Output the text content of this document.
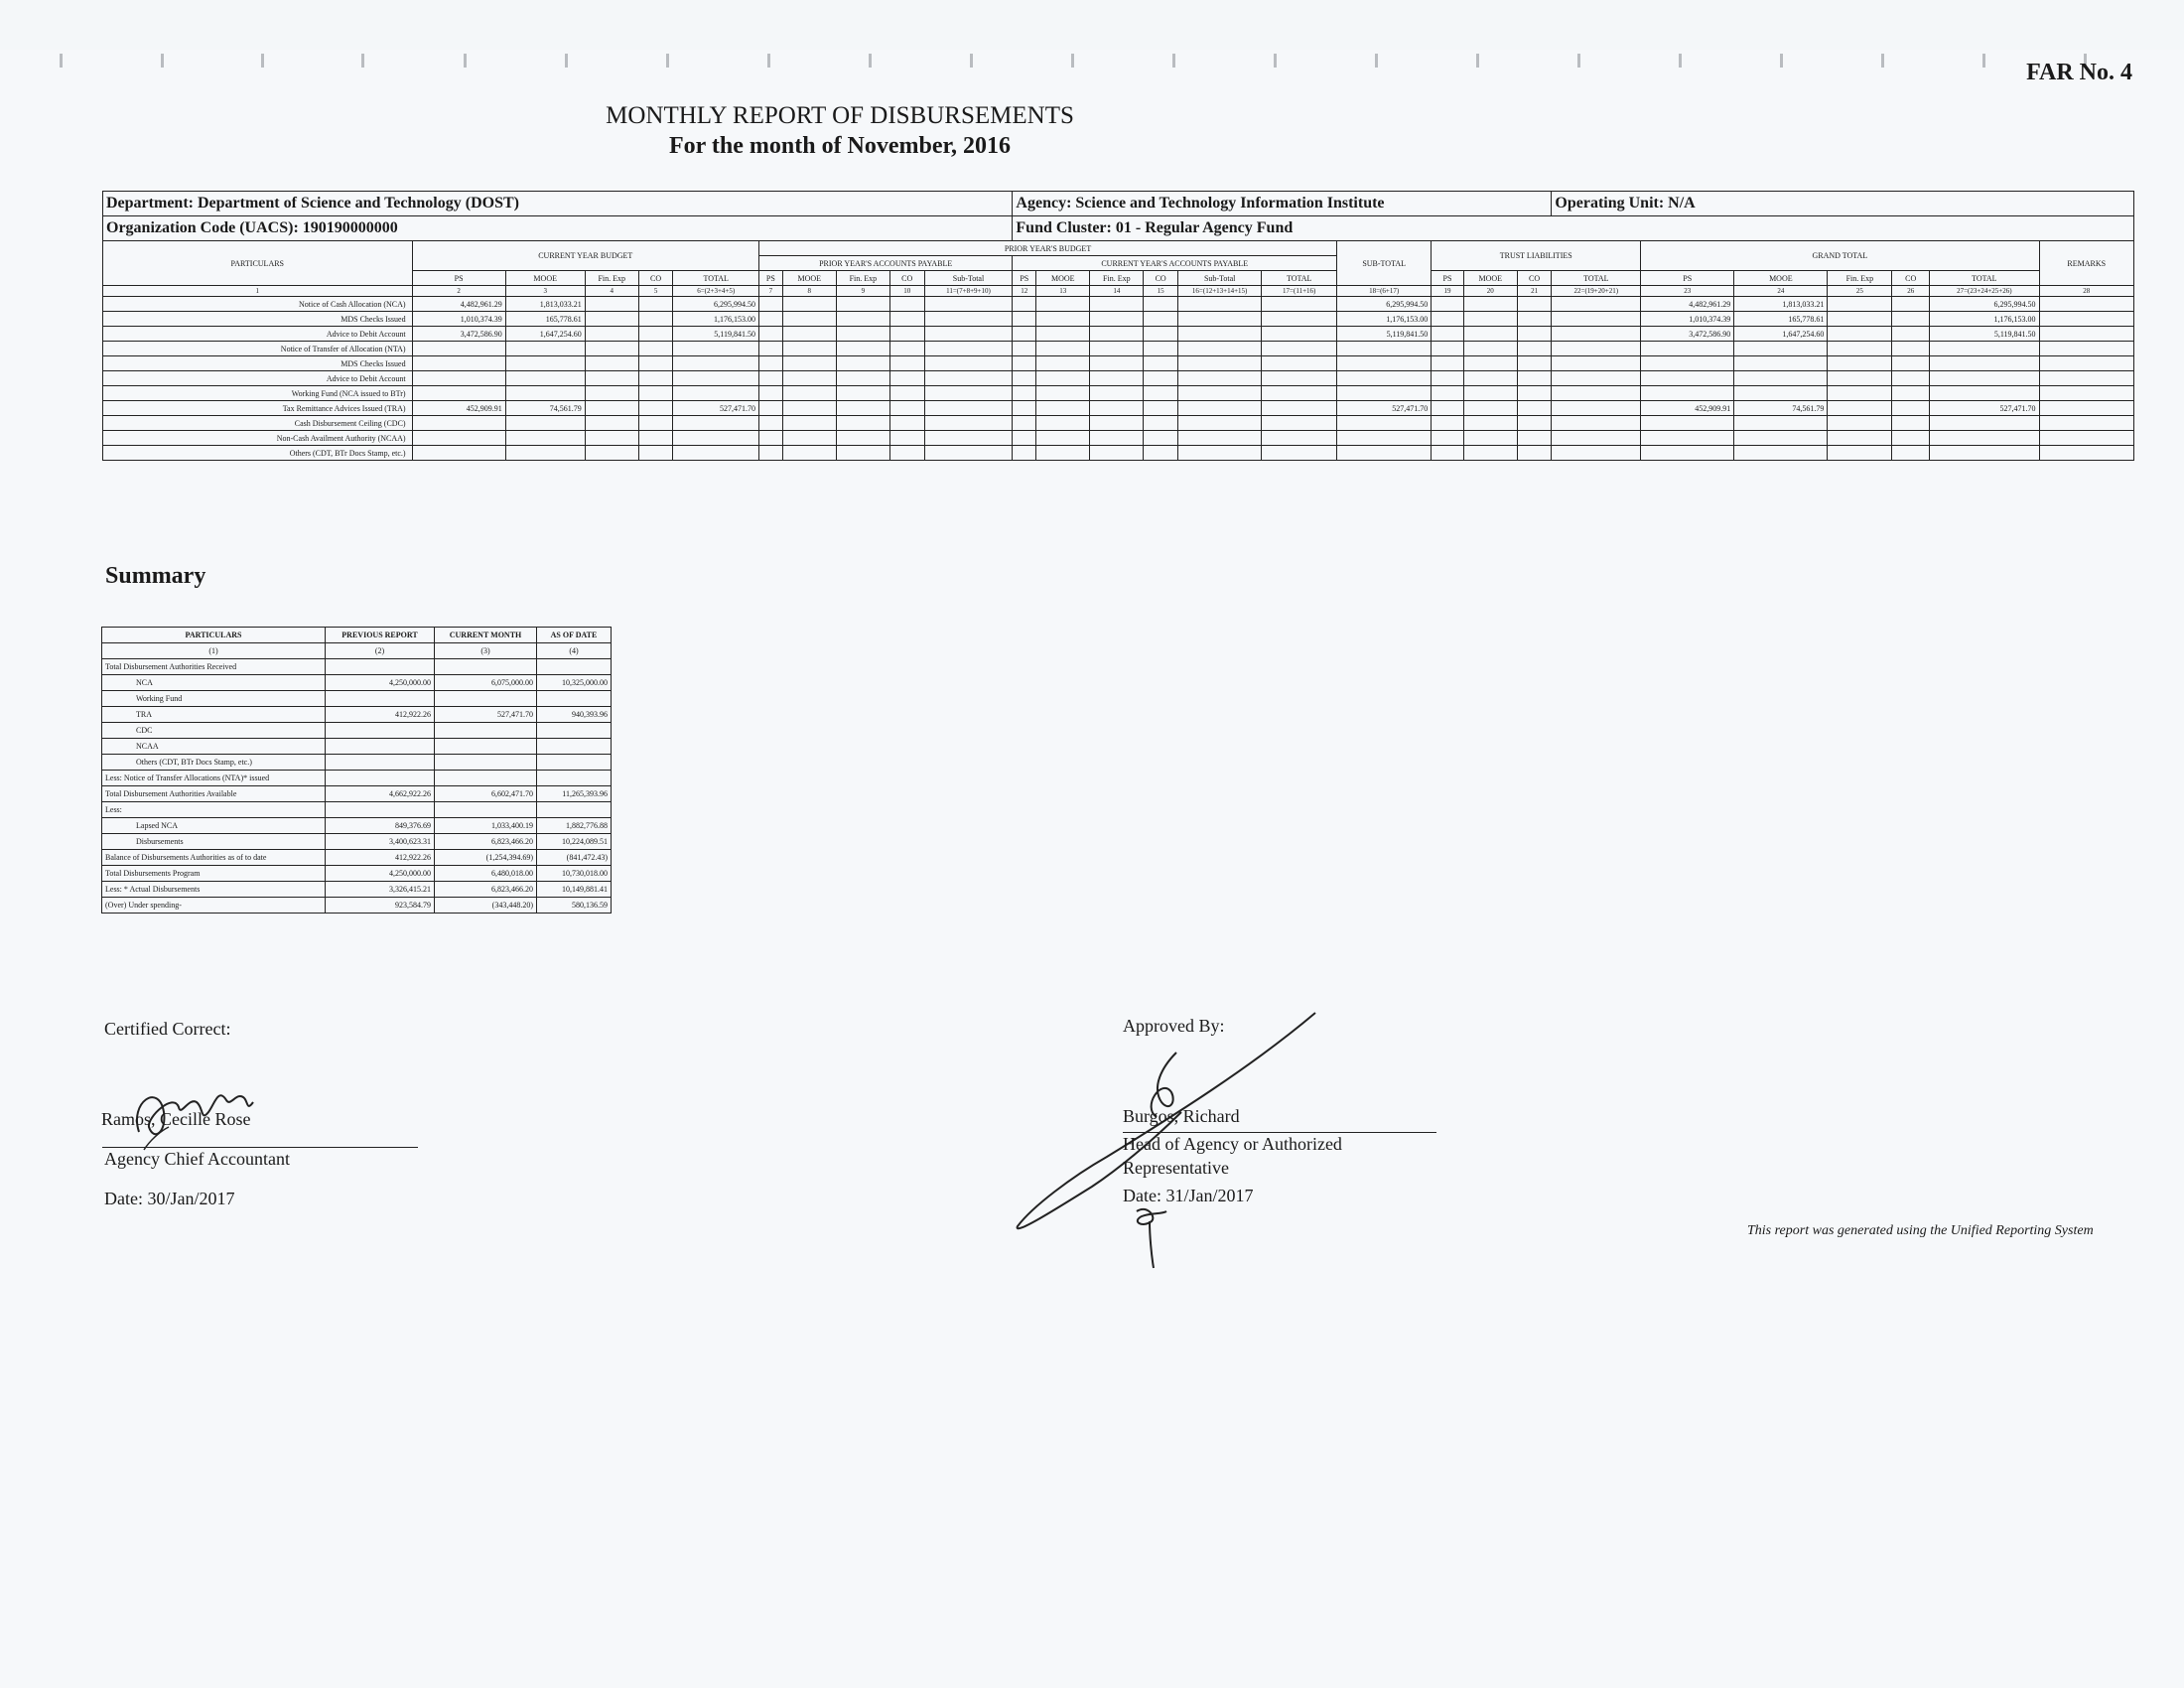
FAR No. 4
MONTHLY REPORT OF DISBURSEMENTS
For the month of November, 2016
Department: Department of Science and Technology (DOST)											Agency: Science and Technology Information Institute										Operating Unit: N/A						
Organization Code (UACS): 190190000000											Fund Cluster: 01 - Regular Agency Fund																
PARTICULARS	CURRENT YEAR BUDGET					PRIOR YEAR'S BUDGET											SUB-TOTAL	TRUST LIABILITIES				GRAND TOTAL					REMARKS
						PRIOR YEAR'S ACCOUNTS PAYABLE					CURRENT YEAR'S ACCOUNTS PAYABLE																
	PS	MOOE	Fin. Exp	CO	TOTAL	PS	MOOE	Fin. Exp	CO	Sub-Total	PS	MOOE	Fin. Exp	CO	Sub-Total	TOTAL		PS	MOOE	CO	TOTAL	PS	MOOE	Fin. Exp	CO	TOTAL	
1	2	3	4	5	6=(2+3+4+5)	7	8	9	10	11=(7+8+9+10)	12	13	14	15	16=(12+13+14+15)	17=(11+16)	18=(6+17)	19	20	21	22=(19+20+21)	23	24	25	26	27=(23+24+25+26)	28
Notice of Cash Allocation (NCA)	4,482,961.29	1,813,033.21			6,295,994.50												6,295,994.50					4,482,961.29	1,813,033.21			6,295,994.50	
MDS Checks Issued	1,010,374.39	165,778.61			1,176,153.00												1,176,153.00					1,010,374.39	165,778.61			1,176,153.00	
Advice to Debit Account	3,472,586.90	1,647,254.60			5,119,841.50												5,119,841.50					3,472,586.90	1,647,254.60			5,119,841.50	
Notice of Transfer of Allocation (NTA)																											
MDS Checks Issued																											
Advice to Debit Account																											
Working Fund (NCA issued to BTr)																											
Tax Remittance Advices Issued (TRA)	452,909.91	74,561.79			527,471.70												527,471.70					452,909.91	74,561.79			527,471.70	
Cash Disbursement Ceiling (CDC)																											
Non-Cash Availment Authority (NCAA)																											
Others (CDT, BTr Docs Stamp, etc.)																											
Summary
PARTICULARS	PREVIOUS REPORT	CURRENT MONTH	AS OF DATE
(1)	(2)	(3)	(4)
Total Disbursement Authorities Received			
NCA	4,250,000.00	6,075,000.00	10,325,000.00
Working Fund			
TRA	412,922.26	527,471.70	940,393.96
CDC			
NCAA			
Others (CDT, BTr Docs Stamp, etc.)			
Less: Notice of Transfer Allocations (NTA)* issued			
Total Disbursement Authorities Available	4,662,922.26	6,602,471.70	11,265,393.96
Less:			
Lapsed NCA	849,376.69	1,033,400.19	1,882,776.88
Disbursements	3,400,623.31	6,823,466.20	10,224,089.51
Balance of Disbursements Authorities as of to date	412,922.26	(1,254,394.69)	(841,472.43)
Total Disbursements Program	4,250,000.00	6,480,018.00	10,730,018.00
Less: * Actual Disbursements	3,326,415.21	6,823,466.20	10,149,881.41
(Over) Under spending-	923,584.79	(343,448.20)	580,136.59
Certified Correct:
Ramos, Cecille Rose
Agency Chief Accountant
Date: 30/Jan/2017
Approved By:
Burgos, Richard
Head of Agency or Authorized
Representative
Date: 31/Jan/2017
This report was generated using the Unified Reporting System
